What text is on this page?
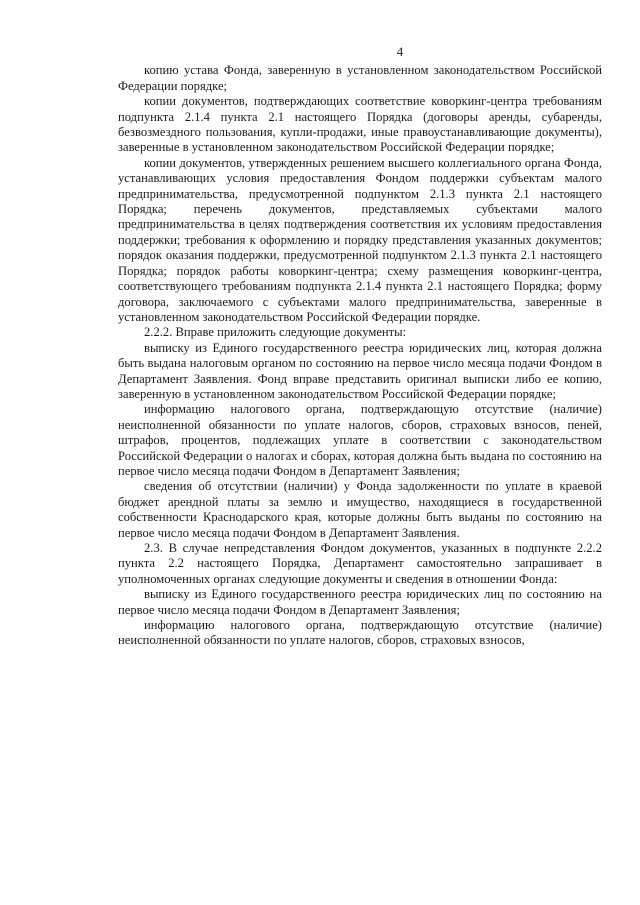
4

копию устава Фонда, заверенную в установленном законодательством Российской Федерации порядке;

копии документов, подтверждающих соответствие коворкинг-центра требованиям подпункта 2.1.4 пункта 2.1 настоящего Порядка (договоры аренды, субаренды, безвозмездного пользования, купли-продажи, иные правоустанавливающие документы), заверенные в установленном законодательством Российской Федерации порядке;

копии документов, утвержденных решением высшего коллегиального органа Фонда, устанавливающих условия предоставления Фондом поддержки субъектам малого предпринимательства, предусмотренной подпунктом 2.1.3 пункта 2.1 настоящего Порядка; перечень документов, представляемых субъектами малого предпринимательства в целях подтверждения соответствия их условиям предоставления поддержки; требования к оформлению и порядку представления указанных документов; порядок оказания поддержки, предусмотренной подпунктом 2.1.3 пункта 2.1 настоящего Порядка; порядок работы коворкинг-центра; схему размещения коворкинг-центра, соответствующего требованиям подпункта 2.1.4 пункта 2.1 настоящего Порядка; форму договора, заключаемого с субъектами малого предпринимательства, заверенные в установленном законодательством Российской Федерации порядке.

2.2.2. Вправе приложить следующие документы:

выписку из Единого государственного реестра юридических лиц, которая должна быть выдана налоговым органом по состоянию на первое число месяца подачи Фондом в Департамент Заявления. Фонд вправе представить оригинал выписки либо ее копию, заверенную в установленном законодательством Российской Федерации порядке;

информацию налогового органа, подтверждающую отсутствие (наличие) неисполненной обязанности по уплате налогов, сборов, страховых взносов, пеней, штрафов, процентов, подлежащих уплате в соответствии с законодательством Российской Федерации о налогах и сборах, которая должна быть выдана по состоянию на первое число месяца подачи Фондом в Департамент Заявления;

сведения об отсутствии (наличии) у Фонда задолженности по уплате в краевой бюджет арендной платы за землю и имущество, находящиеся в государственной собственности Краснодарского края, которые должны быть выданы по состоянию на первое число месяца подачи Фондом в Департамент Заявления.

2.3. В случае непредставления Фондом документов, указанных в подпункте 2.2.2 пункта 2.2 настоящего Порядка, Департамент самостоятельно запрашивает в уполномоченных органах следующие документы и сведения в отношении Фонда:

выписку из Единого государственного реестра юридических лиц по состоянию на первое число месяца подачи Фондом в Департамент Заявления;

информацию налогового органа, подтверждающую отсутствие (наличие) неисполненной обязанности по уплате налогов, сборов, страховых взносов,
